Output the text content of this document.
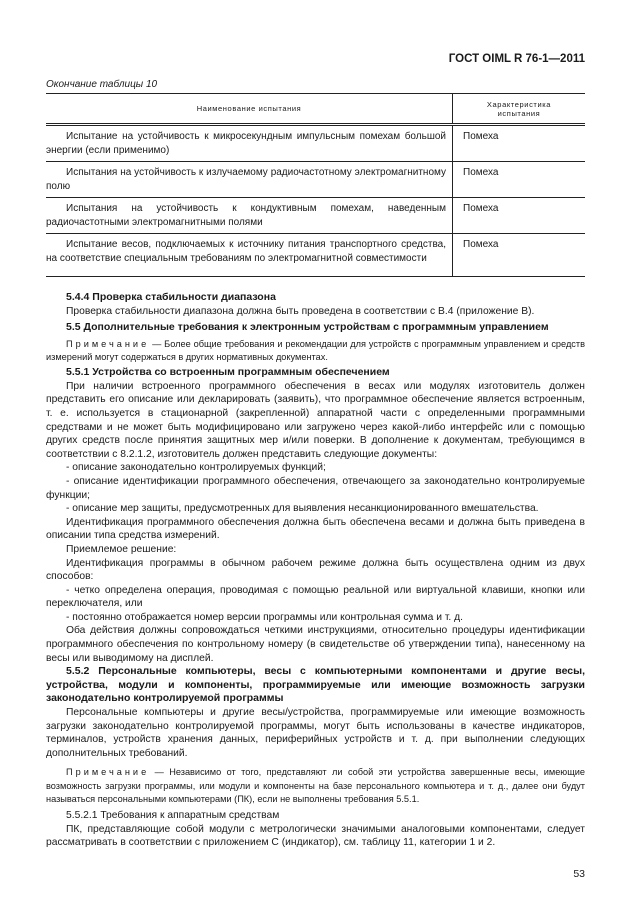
ГОСТ OIML R 76-1—2011
Окончание таблицы 10
Наименование испытания	Характеристика испытания
Испытание на устойчивость к микросекундным импульсным помехам большой энергии (если применимо)	Помеха
Испытания на устойчивость к излучаемому радиочастотному электромагнитному полю	Помеха
Испытания на устойчивость к кондуктивным помехам, наведенным радиочастотными электромагнитными полями	Помеха
Испытание весов, подключаемых к источнику питания транспортного средства, на соответствие специальным требованиям по электромагнитной совместимости	Помеха
5.4.4 Проверка стабильности диапазона
Проверка стабильности диапазона должна быть проведена в соответствии с В.4 (приложение В).
5.5 Дополнительные требования к электронным устройствам с программным управлением
Примечание — Более общие требования и рекомендации для устройств с программным управлением и средств измерений могут содержаться в других нормативных документах.
5.5.1 Устройства со встроенным программным обеспечением
При наличии встроенного программного обеспечения в весах или модулях изготовитель должен представить его описание или декларировать (заявить), что программное обеспечение является встроенным, т. е. используется в стационарной (закрепленной) аппаратной части с определенными программными средствами и не может быть модифицировано или загружено через какой-либо интерфейс или с помощью других средств после принятия защитных мер и/или поверки. В дополнение к документам, требующимся в соответствии с 8.2.1.2, изготовитель должен представить следующие документы:
- описание законодательно контролируемых функций;
- описание идентификации программного обеспечения, отвечающего за законодательно контролируемые функции;
- описание мер защиты, предусмотренных для выявления несанкционированного вмешательства.
Идентификация программного обеспечения должна быть обеспечена весами и должна быть приведена в описании типа средства измерений.
Приемлемое решение:
Идентификация программы в обычном рабочем режиме должна быть осуществлена одним из двух способов:
- четко определена операция, проводимая с помощью реальной или виртуальной клавиши, кнопки или переключателя, или
- постоянно отображается номер версии программы или контрольная сумма и т. д.
Оба действия должны сопровождаться четкими инструкциями, относительно процедуры идентификации программного обеспечения по контрольному номеру (в свидетельстве об утверждении типа), нанесенному на весы или выводимому на дисплей.
5.5.2 Персональные компьютеры, весы с компьютерными компонентами и другие весы, устройства, модули и компоненты, программируемые или имеющие возможность загрузки законодательно контролируемой программы
Персональные компьютеры и другие весы/устройства, программируемые или имеющие возможность загрузки законодательно контролируемой программы, могут быть использованы в качестве индикаторов, терминалов, устройств хранения данных, периферийных устройств и т. д. при выполнении следующих дополнительных требований.
Примечание — Независимо от того, представляют ли собой эти устройства завершенные весы, имеющие возможность загрузки программы, или модули и компоненты на базе персонального компьютера и т. д., далее они будут называться персональными компьютерами (ПК), если не выполнены требования 5.5.1.
5.5.2.1 Требования к аппаратным средствам
ПК, представляющие собой модули с метрологически значимыми аналоговыми компонентами, следует рассматривать в соответствии с приложением С (индикатор), см. таблицу 11, категории 1 и 2.
53
